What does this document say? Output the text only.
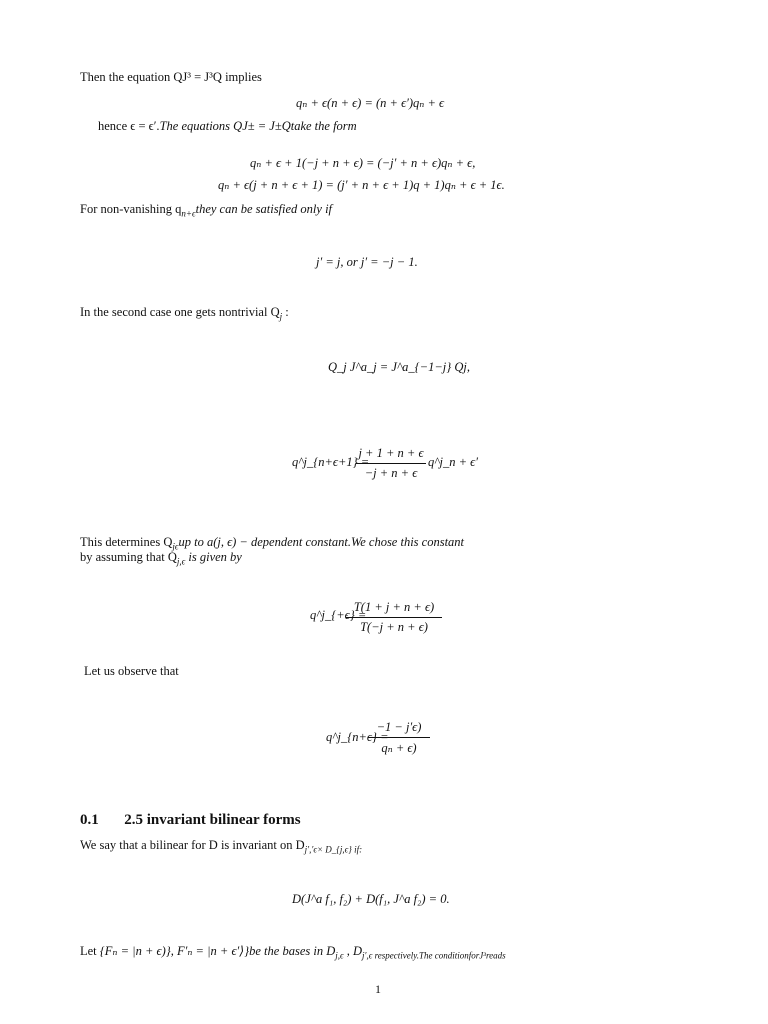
Then the equation QJ³ = J³Q implies
qₙ + ϵ(n + ϵ) = (n + ϵ′)qₙ + ϵ
hence ϵ = ϵ′.The equations QJ± = J±Qtake the form
qₙ + ϵ + 1(−j + n + ϵ) = (−j′ + n + ϵ)qₙ + ϵ,
qₙ + ϵ(j + n + ϵ + 1) = (j′ + n + ϵ + 1)q + 1)qₙ + ϵ + 1ϵ.
For non-vanishing $q_{n+\epsilon}they$ can be satisfied only if
j′ = j, or j′ = −j − 1.
In the second case one gets nontrivial $Q_j$ :
Q_j J^a_j = J^a_{−1−j} Qj,
q^j_{n+ϵ+1} =
j + 1 + n + ϵ
−j + n + ϵ
q^j_n + ϵ′
This determines $Q_{j\epsilon}up$ to a(j, ϵ) − dependent constant.We chose this constant
by assuming that $Q_{j,\epsilon}$ is given by
q^j_{+ϵ} =
T(1 + j + n + ϵ)
T(−j + n + ϵ)
Let us observe that
q^j_{n+ϵ} =
−1 − j′ϵ)
qₙ + ϵ)
0.1 2.5 invariant bilinear forms
We say that a bilinear for D is invariant on $D_{j','\epsilon\times D\_\{j,\epsilon\} if:}$
D(J^a f₁, f₂) + D(f₁, J^a f₂) = 0.
Let {Fₙ = |n + ϵ)}, F′ₙ = |n + ϵ′⟩}be the bases in $D_{j,\epsilon}$ , $D_{j',\epsilon respectively.The conditionforJ^3reads}$
1
